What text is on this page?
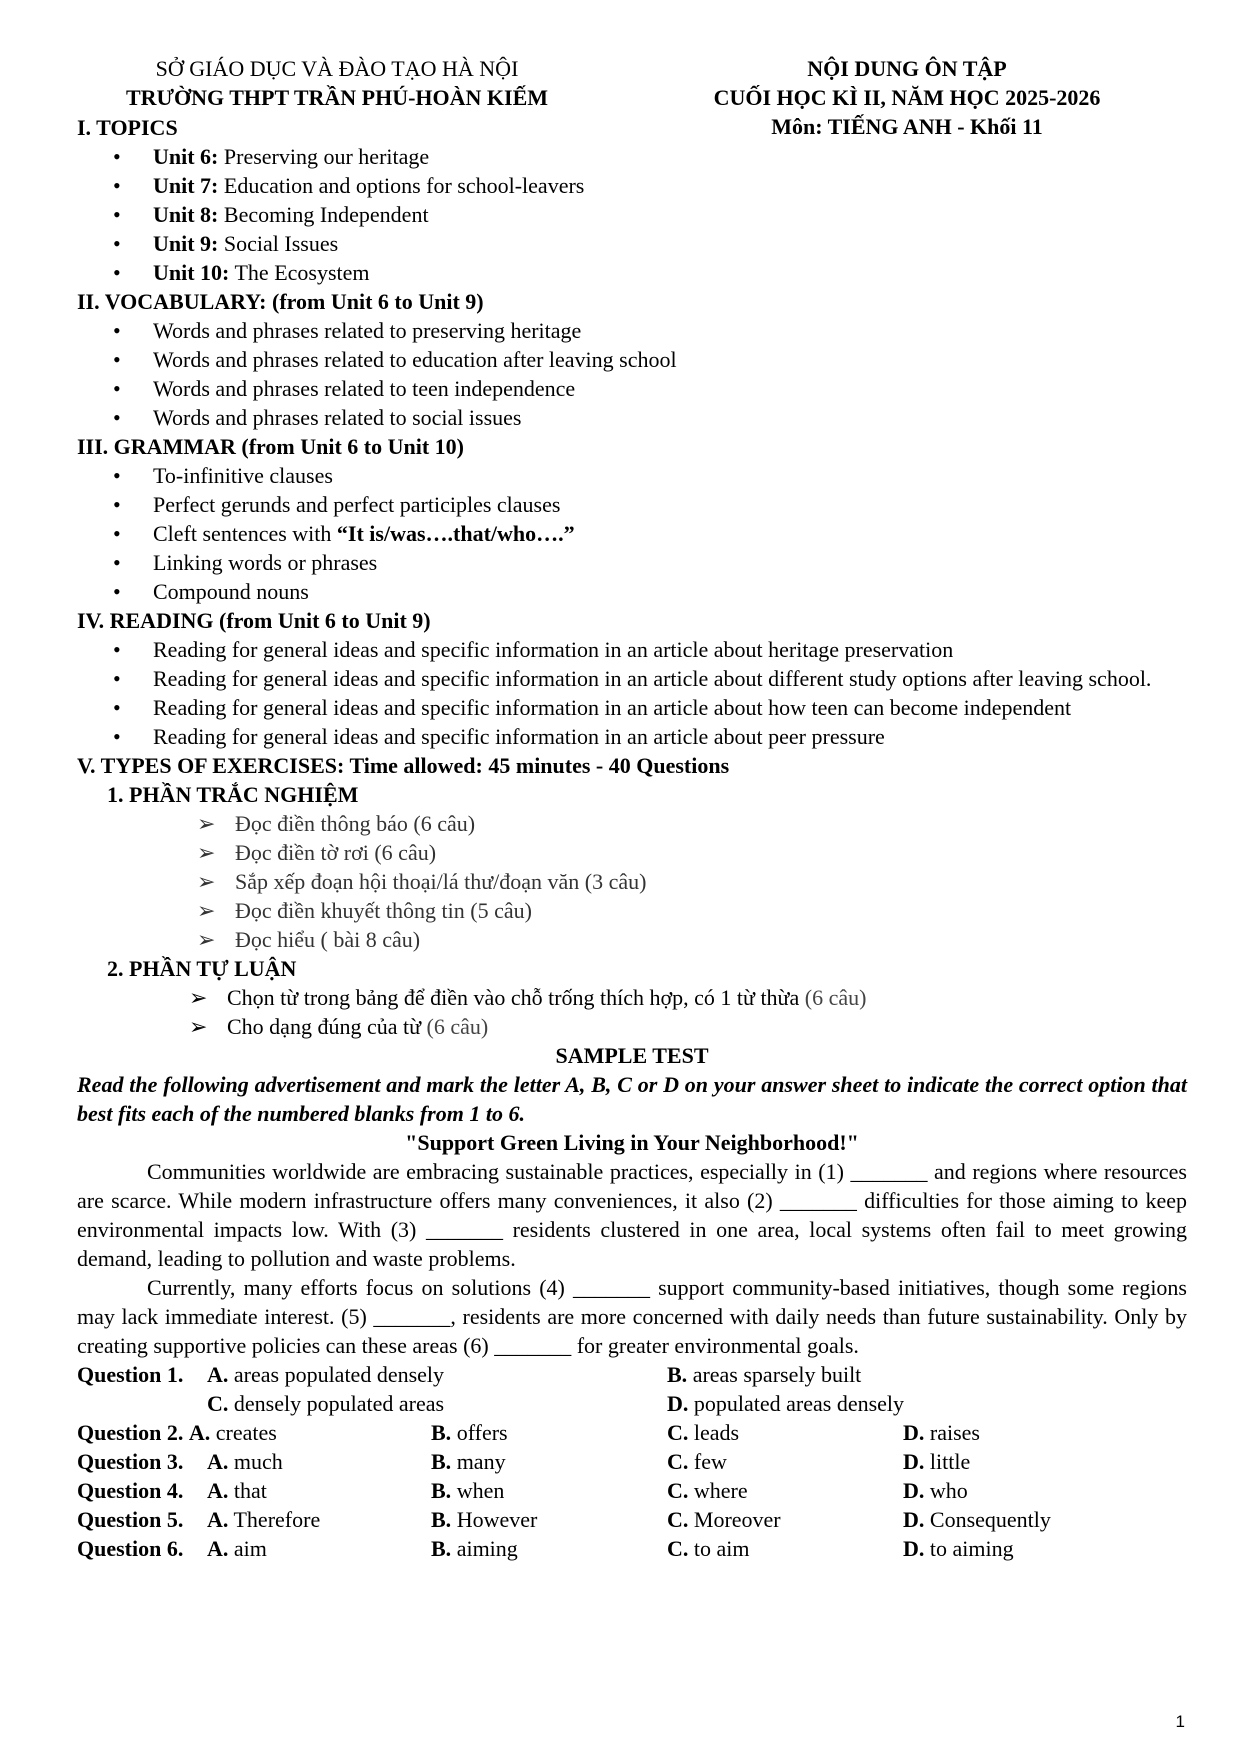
SỞ GIÁO DỤC VÀ ĐÀO TẠO HÀ NỘI
TRƯỜNG THPT TRẦN PHÚ-HOÀN KIẾM
NỘI DUNG ÔN TẬP
CUỐI HỌC KÌ II, NĂM HỌC 2025-2026
Môn: TIẾNG ANH - Khối 11
I. TOPICS
• Unit 6: Preserving our heritage
• Unit 7: Education and options for school-leavers
• Unit 8: Becoming Independent
• Unit 9: Social Issues
• Unit 10: The Ecosystem
II. VOCABULARY: (from Unit 6 to Unit 9)
• Words and phrases related to preserving heritage
• Words and phrases related to education after leaving school
• Words and phrases related to teen independence
• Words and phrases related to social issues
III. GRAMMAR (from Unit 6 to Unit 10)
• To-infinitive clauses
• Perfect gerunds and perfect participles clauses
• Cleft sentences with “It is/was….that/who….”
• Linking words or phrases
• Compound nouns
IV. READING (from Unit 6 to Unit 9)
• Reading for general ideas and specific information in an article about heritage preservation
• Reading for general ideas and specific information in an article about different study options after leaving school.
• Reading for general ideas and specific information in an article about how teen can become independent
• Reading for general ideas and specific information in an article about peer pressure
V. TYPES OF EXERCISES: Time allowed: 45 minutes - 40 Questions
1. PHẦN TRẮC NGHIỆM
➢ Đọc điền thông báo (6 câu)
➢ Đọc điền tờ rơi (6 câu)
➢ Sắp xếp đoạn hội thoại/lá thư/đoạn văn (3 câu)
➢ Đọc điền khuyết thông tin (5 câu)
➢ Đọc hiểu ( bài 8 câu)
2. PHẦN TỰ LUẬN
➢ Chọn từ trong bảng để điền vào chỗ trống thích hợp, có 1 từ thừa (6 câu)
➢ Cho dạng đúng của từ (6 câu)
SAMPLE TEST
Read the following advertisement and mark the letter A, B, C or D on your answer sheet to indicate the correct option that best fits each of the numbered blanks from 1 to 6.
"Support Green Living in Your Neighborhood!"
Communities worldwide are embracing sustainable practices, especially in (1) _______ and regions where resources are scarce. While modern infrastructure offers many conveniences, it also (2) _______ difficulties for those aiming to keep environmental impacts low. With (3) _______ residents clustered in one area, local systems often fail to meet growing demand, leading to pollution and waste problems.
Currently, many efforts focus on solutions (4) _______ support community-based initiatives, though some regions may lack immediate interest. (5) _______, residents are more concerned with daily needs than future sustainability. Only by creating supportive policies can these areas (6) _______ for greater environmental goals.
Question 1.	A. areas populated densely	B. areas sparsely built
C. densely populated areas	D. populated areas densely
Question 2. A. creates	B. offers	C. leads	D. raises
Question 3.	A. much	B. many	C. few	D. little
Question 4.	A. that	B. when	C. where	D. who
Question 5.	A. Therefore	B. However	C. Moreover	D. Consequently
Question 6.	A. aim	B. aiming	C. to aim	D. to aiming
1
